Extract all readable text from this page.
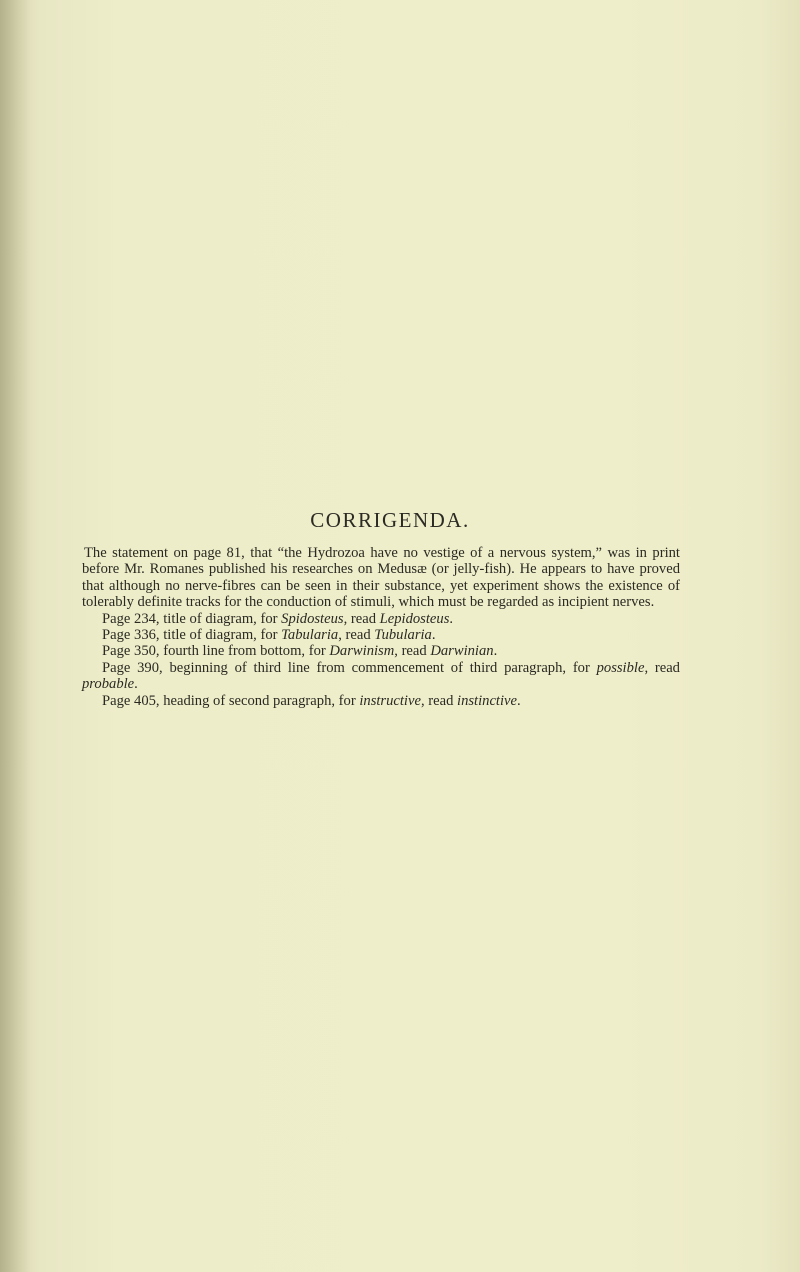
CORRIGENDA.

The statement on page 81, that “the Hydrozoa have no vestige of a nervous system,” was in print before Mr. Romanes published his researches on Medusæ (or jelly-fish). He appears to have proved that although no nerve-fibres can be seen in their substance, yet experiment shows the existence of tolerably definite tracks for the conduction of stimuli, which must be regarded as incipient nerves.

Page 234, title of diagram, for Spidosteus, read Lepidosteus.

Page 336, title of diagram, for Tabularia, read Tubularia.

Page 350, fourth line from bottom, for Darwinism, read Darwinian.

Page 390, beginning of third line from commencement of third paragraph, for possible, read probable.

Page 405, heading of second paragraph, for instructive, read instinctive.
